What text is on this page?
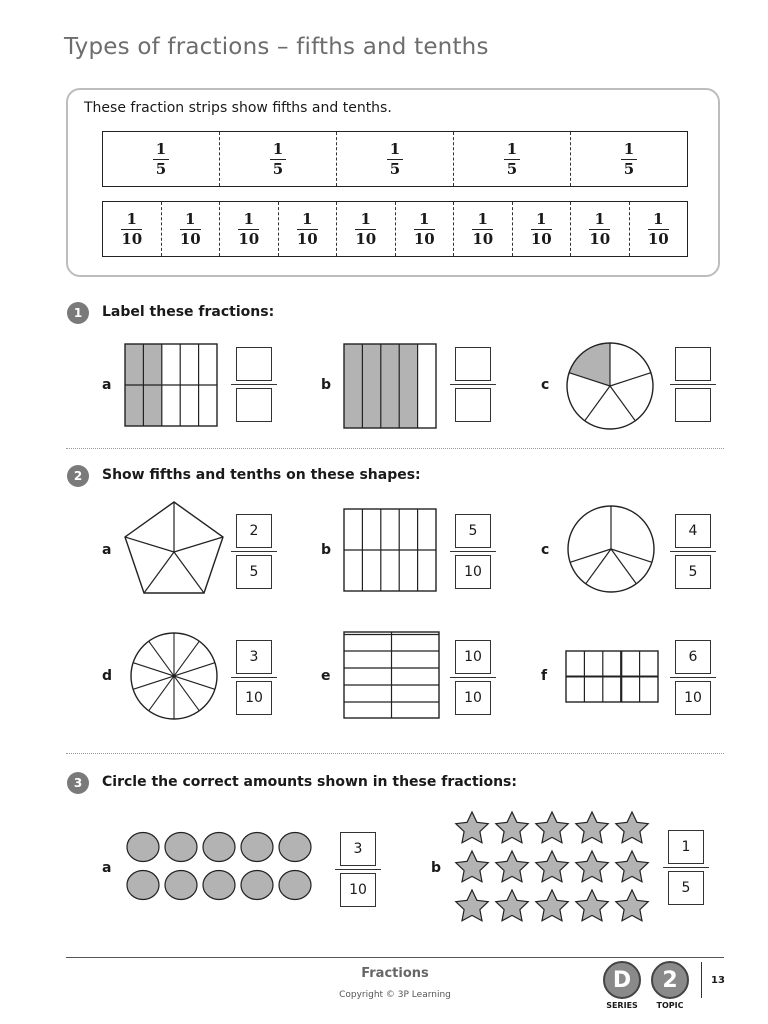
Types of fractions – fifths and tenths
These fraction strips show fifths and tenths.
$\frac{1}{5}$	$\frac{1}{5}$	$\frac{1}{5}$	$\frac{1}{5}$	$\frac{1}{5}$
$\frac{1}{10}$	$\frac{1}{10}$	$\frac{1}{10}$	$\frac{1}{10}$	$\frac{1}{10}$	$\frac{1}{10}$	$\frac{1}{10}$	$\frac{1}{10}$	$\frac{1}{10}$	$\frac{1}{10}$
1	Label these fractions:
a	b	c
2	Show fifths and tenths on these shapes:
a	$\frac{2}{5}$	b	$\frac{5}{10}$	c	$\frac{4}{5}$
d	$\frac{3}{10}$	e	$\frac{10}{10}$	f	$\frac{6}{10}$
3	Circle the correct amounts shown in these fractions:
a	$\frac{3}{10}$	b	$\frac{1}{5}$
Fractions
Copyright © 3P Learning
D
SERIES
2
TOPIC
13
